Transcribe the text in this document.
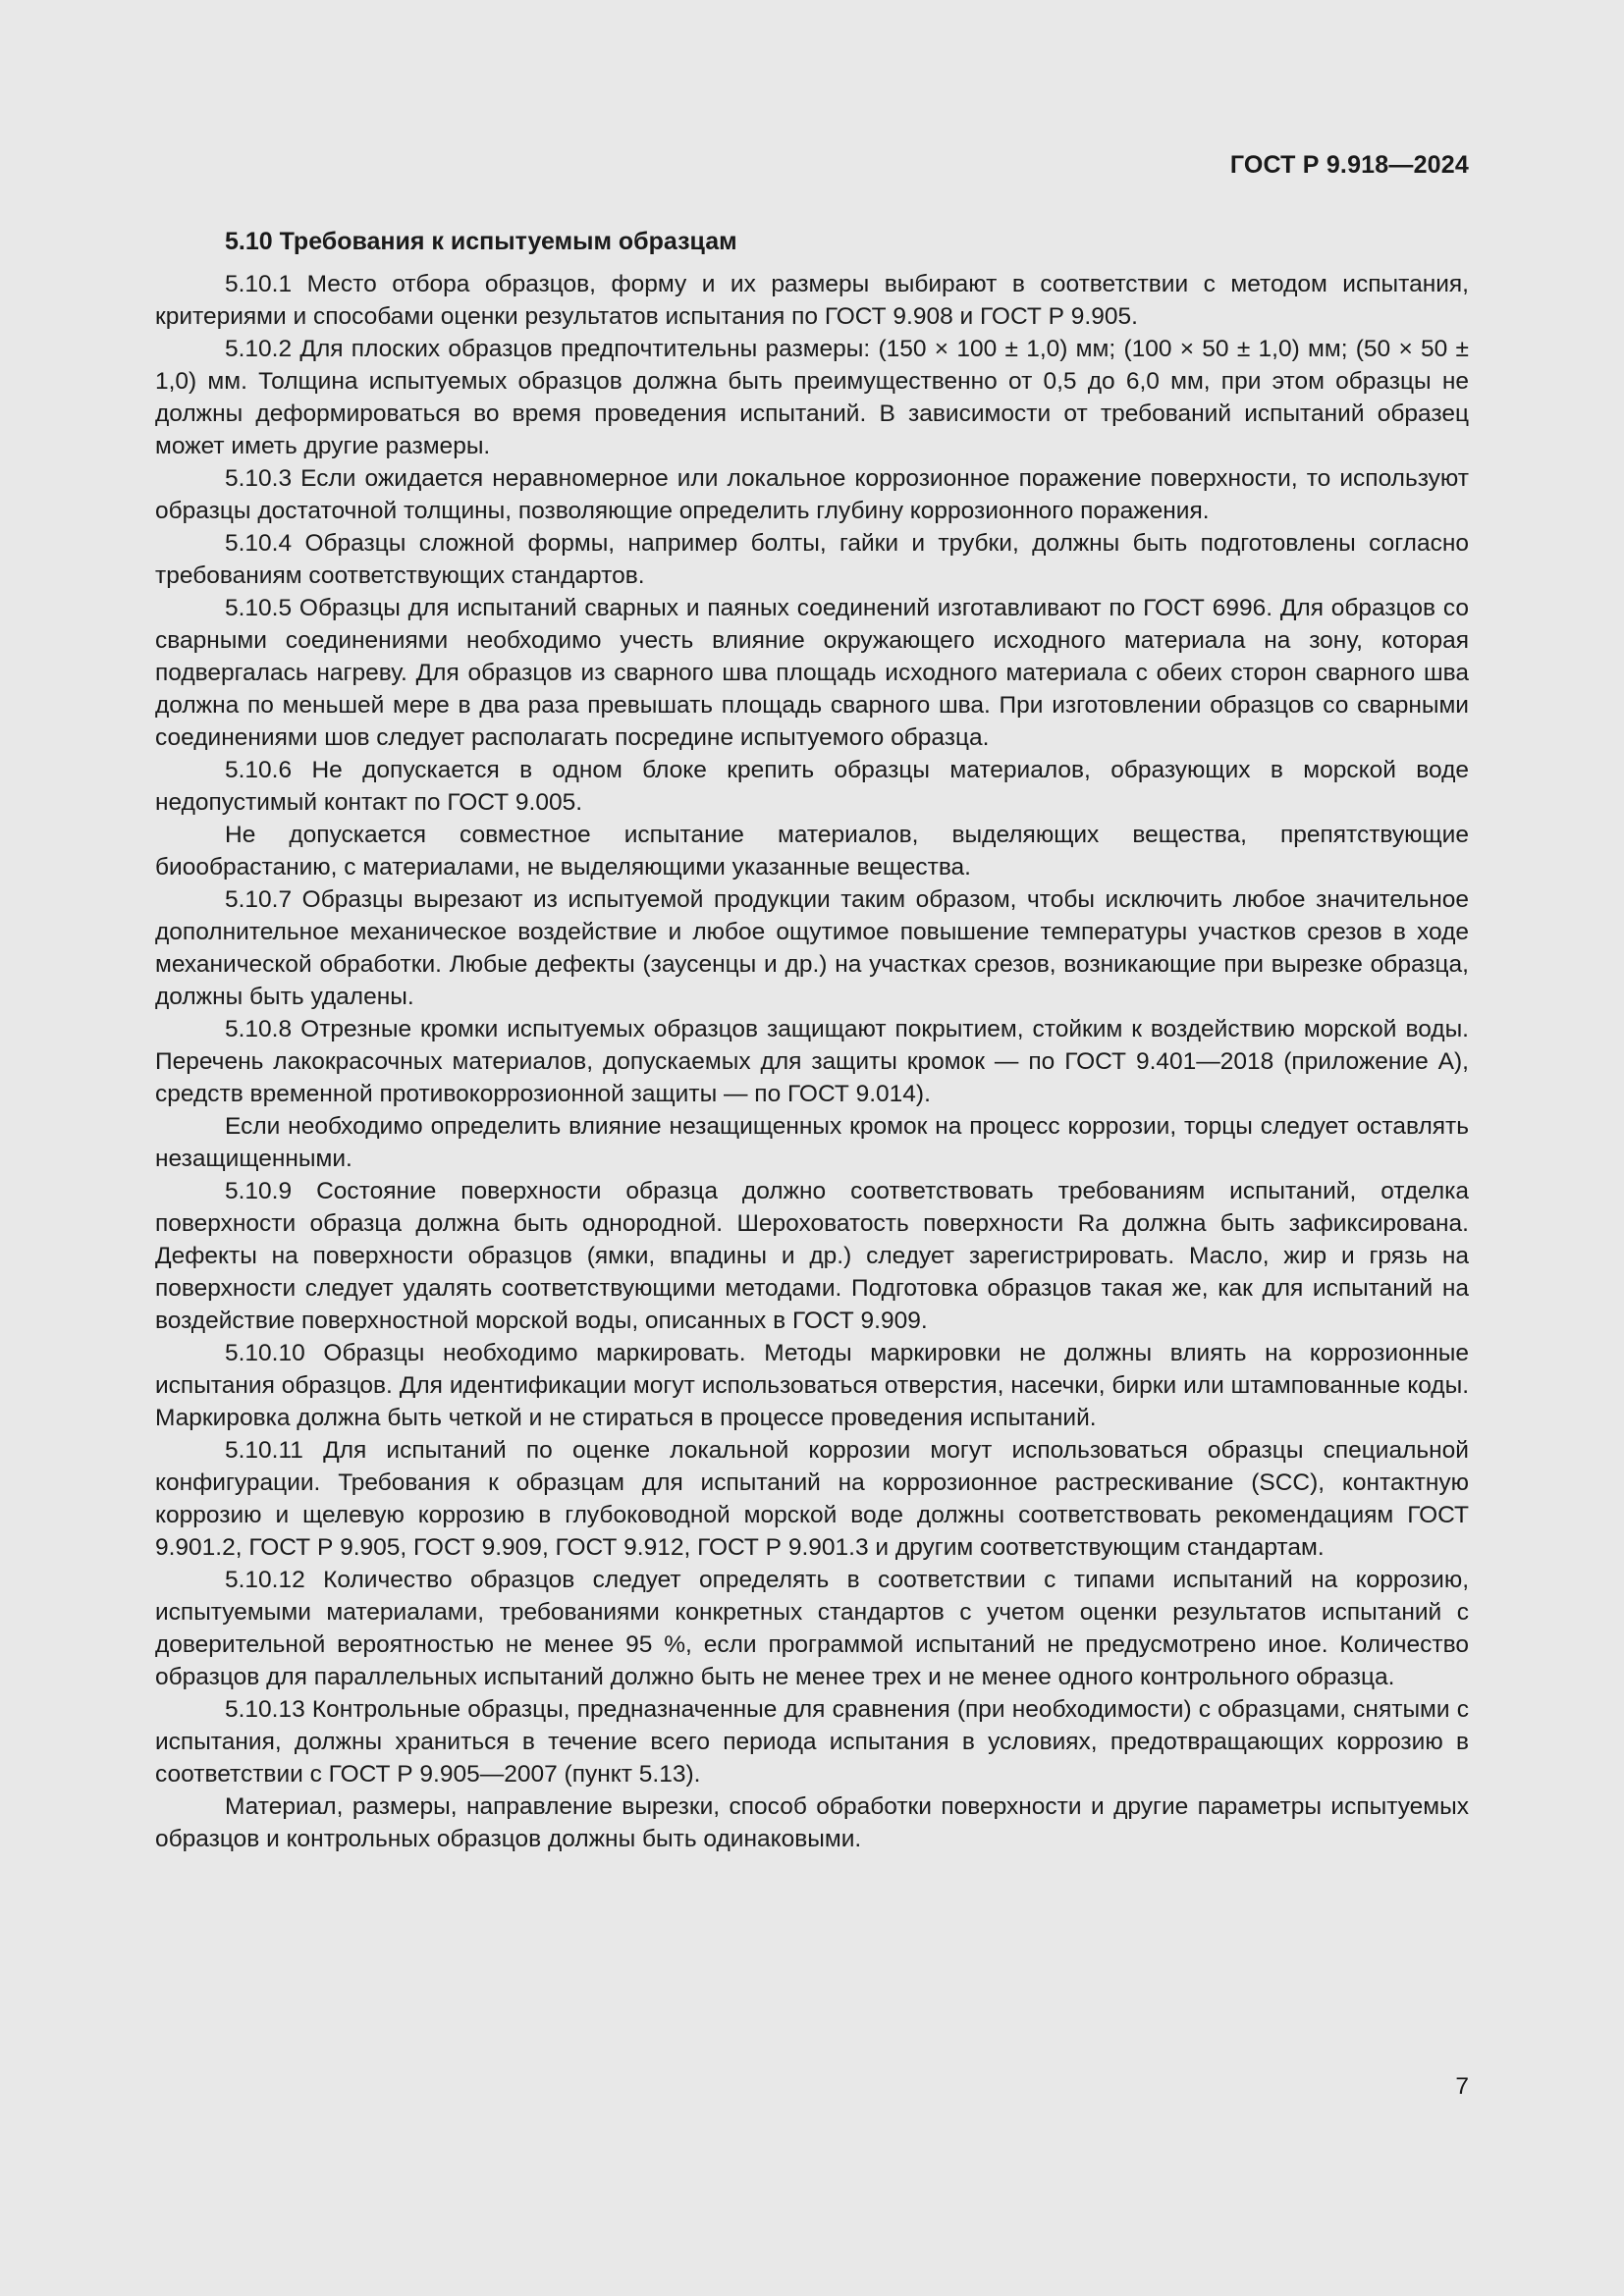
ГОСТ Р 9.918—2024

5.10 Требования к испытуемым образцам

5.10.1 Место отбора образцов, форму и их размеры выбирают в соответствии с методом испытания, критериями и способами оценки результатов испытания по ГОСТ 9.908 и ГОСТ Р 9.905.

5.10.2 Для плоских образцов предпочтительны размеры: (150 × 100 ± 1,0) мм; (100 × 50 ± 1,0) мм; (50 × 50 ± 1,0) мм. Толщина испытуемых образцов должна быть преимущественно от 0,5 до 6,0 мм, при этом образцы не должны деформироваться во время проведения испытаний. В зависимости от требований испытаний образец может иметь другие размеры.

5.10.3 Если ожидается неравномерное или локальное коррозионное поражение поверхности, то используют образцы достаточной толщины, позволяющие определить глубину коррозионного поражения.

5.10.4 Образцы сложной формы, например болты, гайки и трубки, должны быть подготовлены согласно требованиям соответствующих стандартов.

5.10.5 Образцы для испытаний сварных и паяных соединений изготавливают по ГОСТ 6996. Для образцов со сварными соединениями необходимо учесть влияние окружающего исходного материала на зону, которая подвергалась нагреву. Для образцов из сварного шва площадь исходного материала с обеих сторон сварного шва должна по меньшей мере в два раза превышать площадь сварного шва. При изготовлении образцов со сварными соединениями шов следует располагать посредине испытуемого образца.

5.10.6 Не допускается в одном блоке крепить образцы материалов, образующих в морской воде недопустимый контакт по ГОСТ 9.005.

Не допускается совместное испытание материалов, выделяющих вещества, препятствующие биообрастанию, с материалами, не выделяющими указанные вещества.

5.10.7 Образцы вырезают из испытуемой продукции таким образом, чтобы исключить любое значительное дополнительное механическое воздействие и любое ощутимое повышение температуры участков срезов в ходе механической обработки. Любые дефекты (заусенцы и др.) на участках срезов, возникающие при вырезке образца, должны быть удалены.

5.10.8 Отрезные кромки испытуемых образцов защищают покрытием, стойким к воздействию морской воды. Перечень лакокрасочных материалов, допускаемых для защиты кромок — по ГОСТ 9.401—2018 (приложение А), средств временной противокоррозионной защиты — по ГОСТ 9.014).

Если необходимо определить влияние незащищенных кромок на процесс коррозии, торцы следует оставлять незащищенными.

5.10.9 Состояние поверхности образца должно соответствовать требованиям испытаний, отделка поверхности образца должна быть однородной. Шероховатость поверхности Ra должна быть зафиксирована. Дефекты на поверхности образцов (ямки, впадины и др.) следует зарегистрировать. Масло, жир и грязь на поверхности следует удалять соответствующими методами. Подготовка образцов такая же, как для испытаний на воздействие поверхностной морской воды, описанных в ГОСТ 9.909.

5.10.10 Образцы необходимо маркировать. Методы маркировки не должны влиять на коррозионные испытания образцов. Для идентификации могут использоваться отверстия, насечки, бирки или штампованные коды. Маркировка должна быть четкой и не стираться в процессе проведения испытаний.

5.10.11 Для испытаний по оценке локальной коррозии могут использоваться образцы специальной конфигурации. Требования к образцам для испытаний на коррозионное растрескивание (SCC), контактную коррозию и щелевую коррозию в глубоководной морской воде должны соответствовать рекомендациям ГОСТ 9.901.2, ГОСТ Р 9.905, ГОСТ 9.909, ГОСТ 9.912, ГОСТ Р 9.901.3 и другим соответствующим стандартам.

5.10.12 Количество образцов следует определять в соответствии с типами испытаний на коррозию, испытуемыми материалами, требованиями конкретных стандартов с учетом оценки результатов испытаний с доверительной вероятностью не менее 95 %, если программой испытаний не предусмотрено иное. Количество образцов для параллельных испытаний должно быть не менее трех и не менее одного контрольного образца.

5.10.13 Контрольные образцы, предназначенные для сравнения (при необходимости) с образцами, снятыми с испытания, должны храниться в течение всего периода испытания в условиях, предотвращающих коррозию в соответствии с ГОСТ Р 9.905—2007 (пункт 5.13).

Материал, размеры, направление вырезки, способ обработки поверхности и другие параметры испытуемых образцов и контрольных образцов должны быть одинаковыми.

7
